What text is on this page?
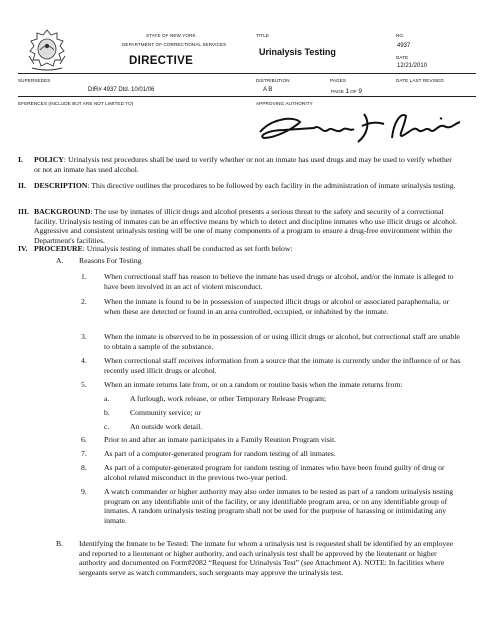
STATE OF NEW YORK
DEPARTMENT OF CORRECTIONAL SERVICES
DIRECTIVE
TITLE
Urinalysis Testing
NO.
4937
DATE
12/21/2010
SUPERSEDES
DIR# 4937 Dtd. 10/01/06
DISTRIBUTION
A B
PAGES
PAGE 1 OF 9
DATE LAST REVISED
EFERENCES (INCLUDE BUT ARE NOT LIMITED TO)	APPROVING AUTHORITY
I. POLICY: Urinalysis test procedures shall be used to verify whether or not an inmate has used drugs and may be used to verify whether or not an inmate has used alcohol.
II. DESCRIPTION: This directive outlines the procedures to be followed by each facility in the administration of inmate urinalysis testing.
III. BACKGROUND: The use by inmates of illicit drugs and alcohol presents a serious threat to the safety and security of a correctional facility. Urinalysis testing of inmates can be an effective means by which to detect and discipline inmates who use illicit drugs or alcohol. Aggressive and consistent urinalysis testing will be one of many components of a program to ensure a drug-free environment within the Department's facilities.
IV. PROCEDURE: Urinalysis testing of inmates shall be conducted as set forth below:
A. Reasons For Testing
1. When correctional staff has reason to believe the inmate has used drugs or alcohol, and/or the inmate is alleged to have been involved in an act of violent misconduct.
2. When the inmate is found to be in possession of suspected illicit drugs or alcohol or associated paraphernalia, or when these are detected or found in an area controlled, occupied, or inhabited by the inmate.
3. When the inmate is observed to be in possession of or using illicit drugs or alcohol, but correctional staff are unable to obtain a sample of the substance.
4. When correctional staff receives information from a source that the inmate is currently under the influence of or has recently used illicit drugs or alcohol.
5. When an inmate returns late from, or on a random or routine basis when the inmate returns from:
a.	A furlough, work release, or other Temporary Release Program;
b.	Community service; or
c.	An outside work detail.
6. Prior to and after an inmate participates in a Family Reunion Program visit.
7. As part of a computer-generated program for random testing of all inmates.
8. As part of a computer-generated program for random testing of inmates who have been found guilty of drug or alcohol related misconduct in the previous two-year period.
9. A watch commander or higher authority may also order inmates to be tested as part of a random urinalysis testing program on any identifiable unit of the facility, or any identifiable program area, or on any identifiable group of inmates. A random urinalysis testing program shall not be used for the purpose of harassing or intimidating any inmate.
B. Identifying the Inmate to be Tested: The inmate for whom a urinalysis test is requested shall be identified by an employee and reported to a lieutenant or higher authority, and each urinalysis test shall be approved by the lieutenant or higher authority and documented on Form#2082 “Request for Urinalysis Test” (see Attachment A). NOTE: In facilities where sergeants serve as watch commanders, such sergeants may approve the urinalysis test.
